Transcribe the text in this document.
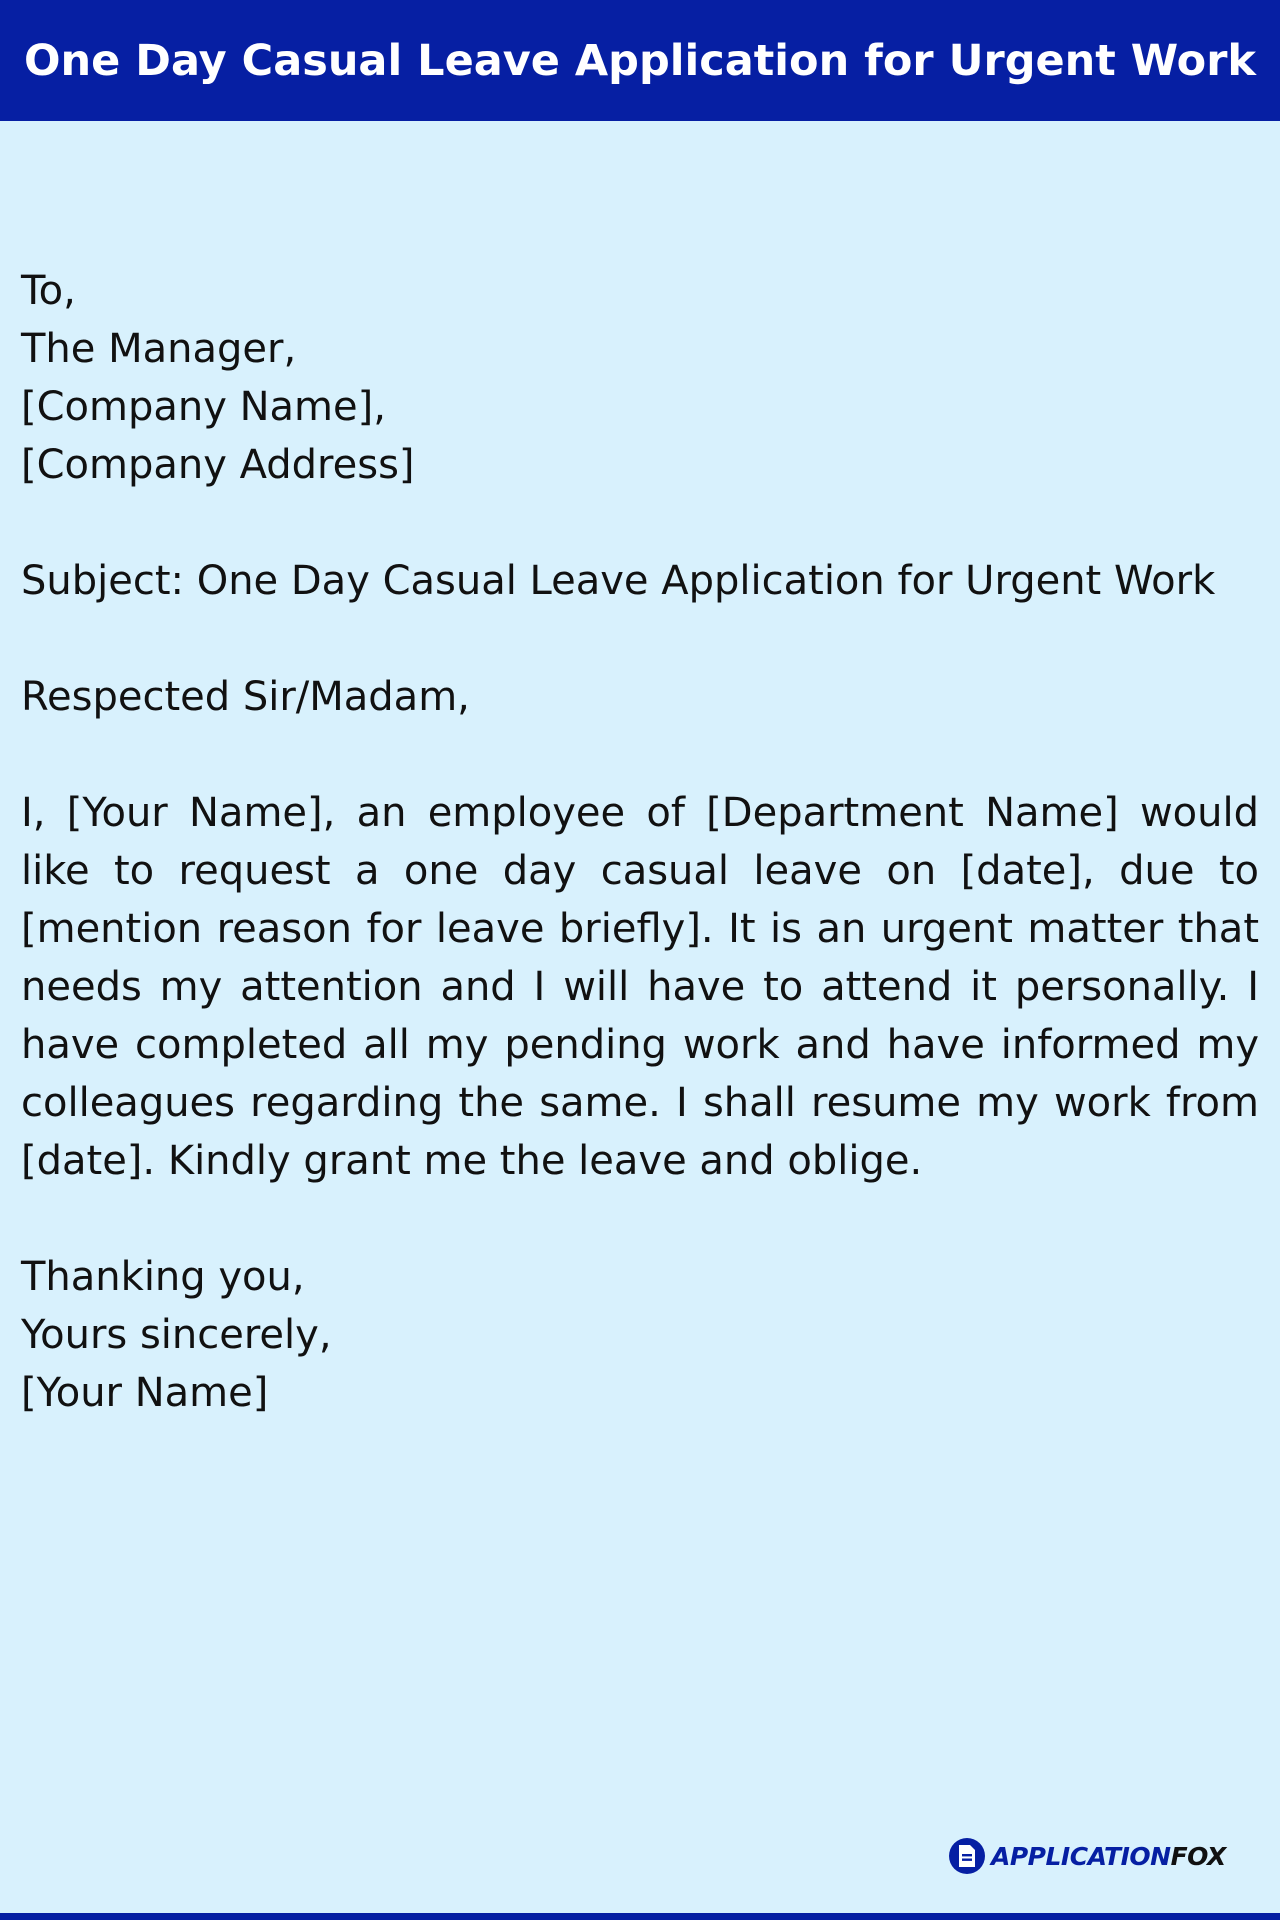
One Day Casual Leave Application for Urgent Work
To,
The Manager,
[Company Name],
[Company Address]
Subject: One Day Casual Leave Application for Urgent Work
Respected Sir/Madam,

I, [Your Name], an employee of [Department Name] would like to request a one day casual leave on [date], due to [mention reason for leave briefly]. It is an urgent matter that needs my attention and I will have to attend it personally. I have completed all my pending work and have informed my colleagues regarding the same. I shall resume my work from [date]. Kindly grant me the leave and oblige.

Thanking you,
Yours sincerely,
[Your Name]
APPLICATIONFOX
